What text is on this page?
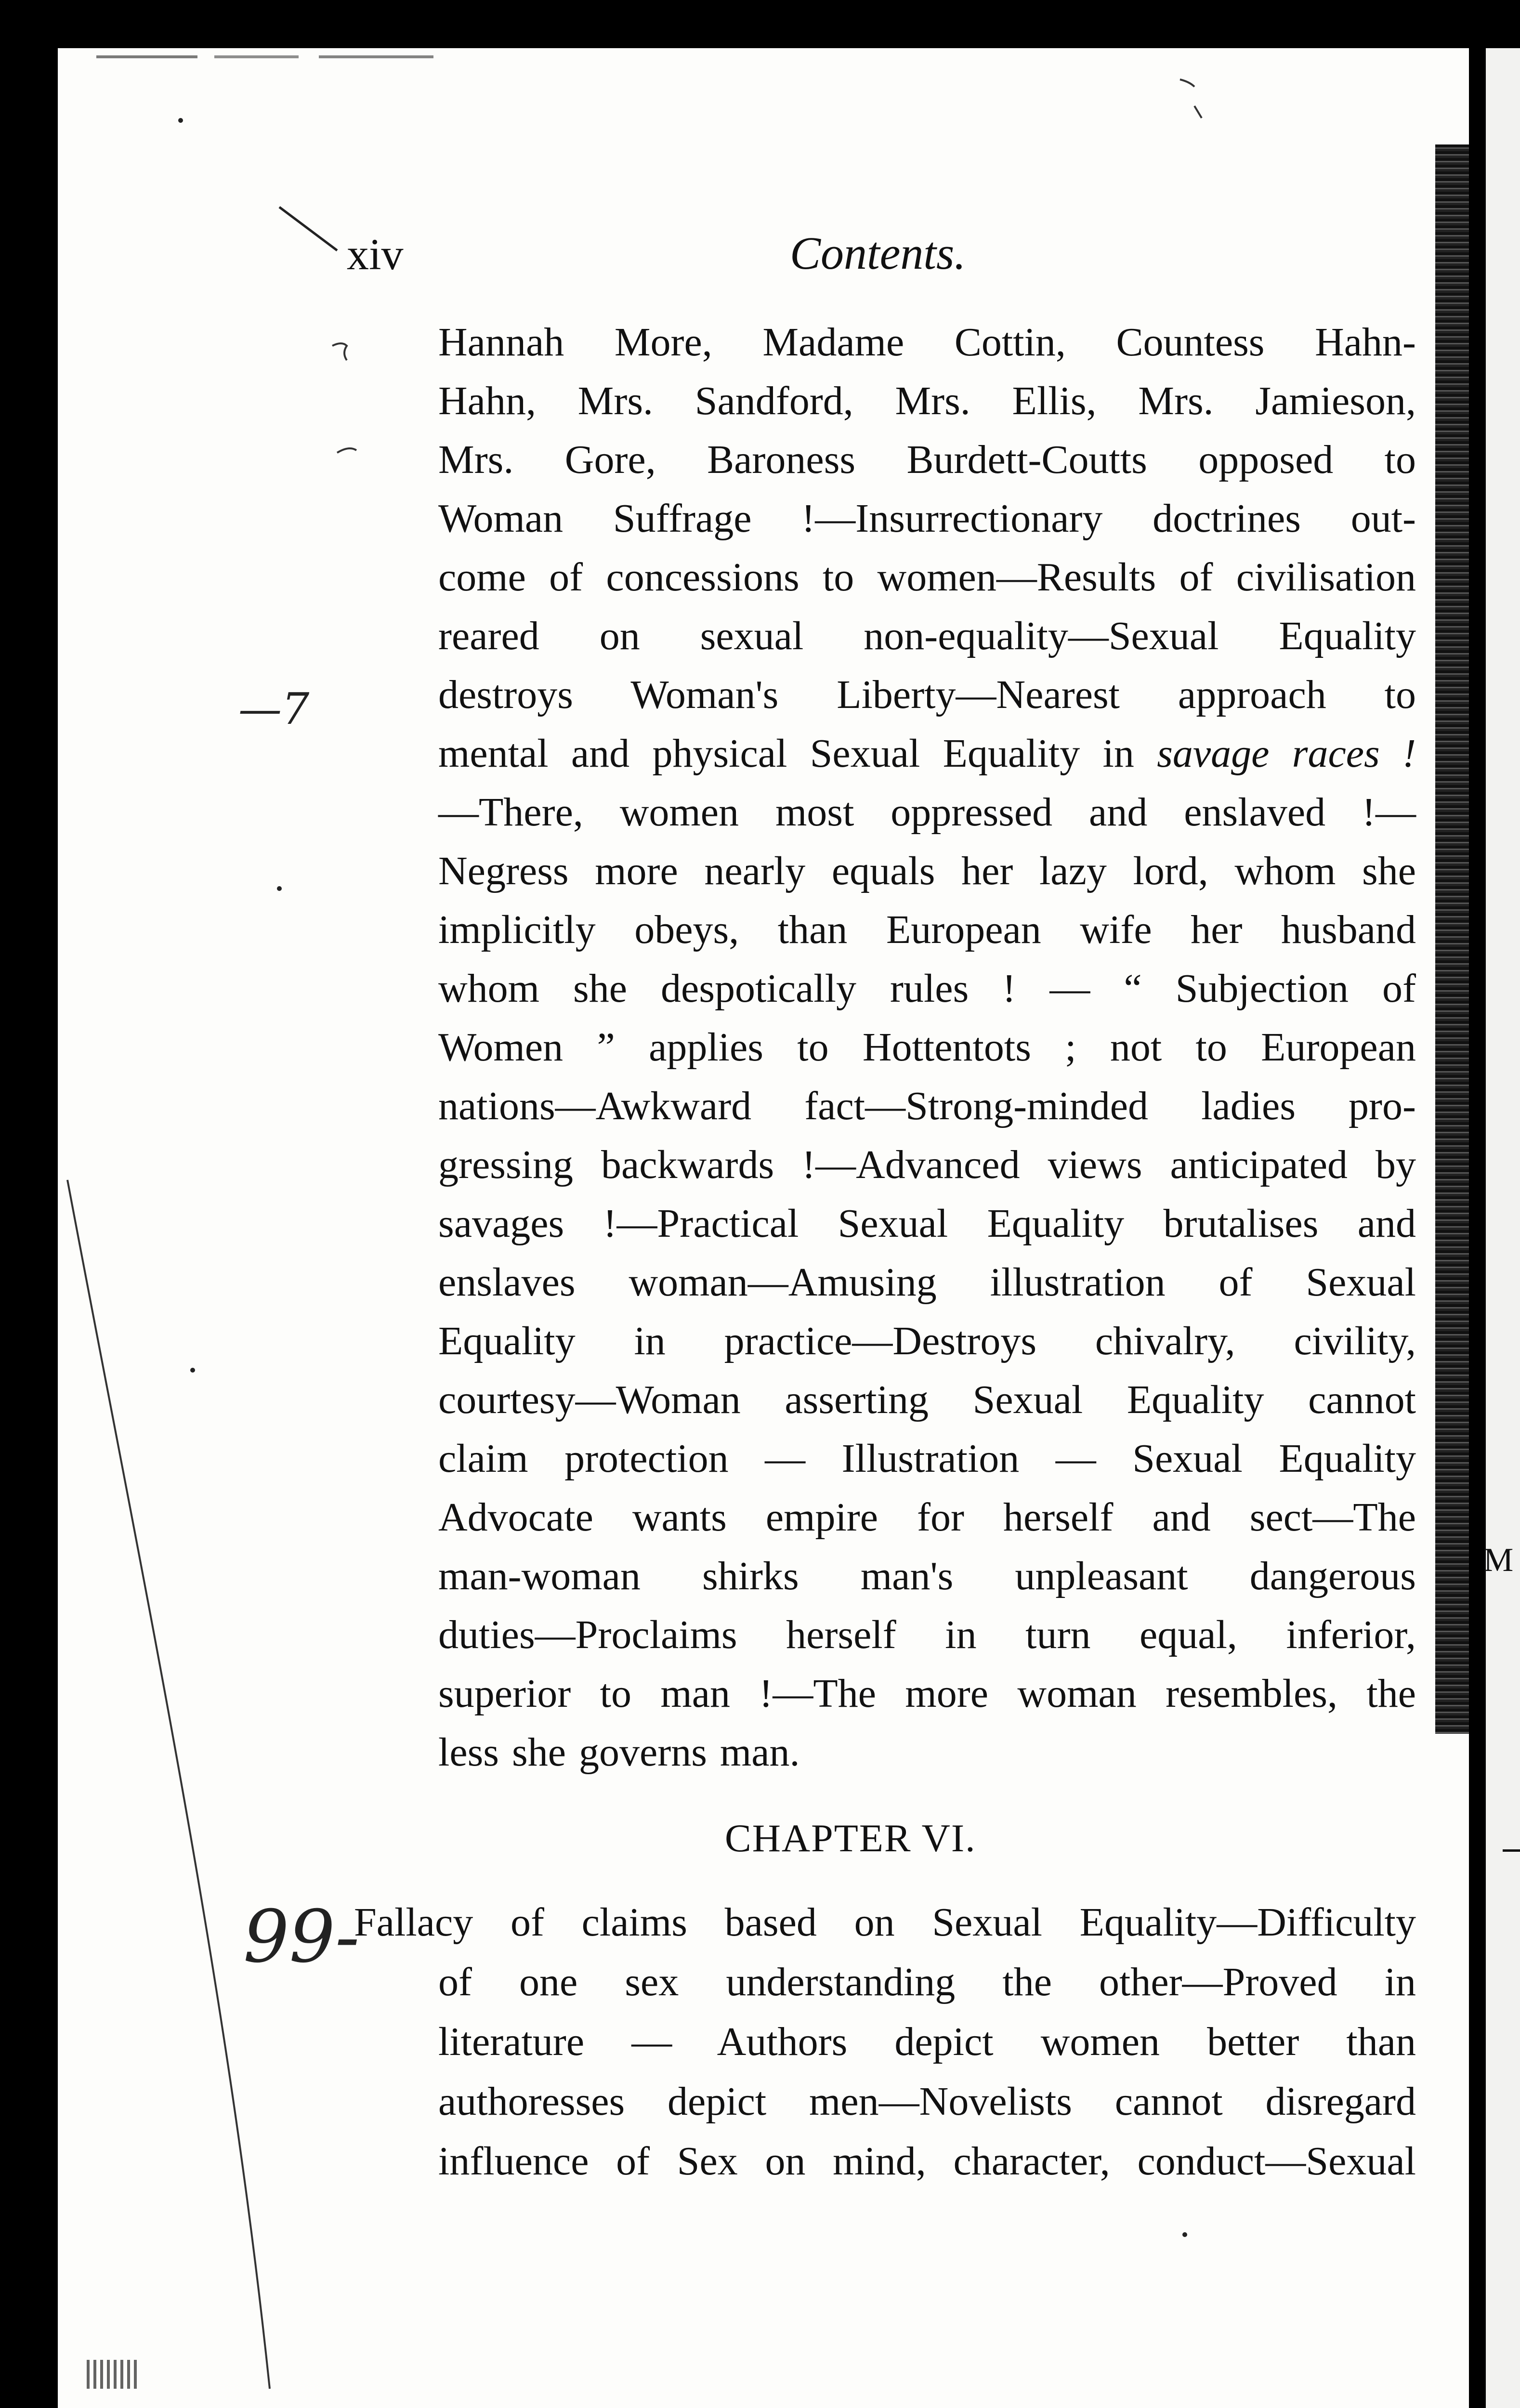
M
—7
99-
xiv	Contents.
Hannah More, Madame Cottin, Countess Hahn-
Hahn, Mrs. Sandford, Mrs. Ellis, Mrs. Jamieson,
Mrs. Gore, Baroness Burdett-Coutts opposed to
Woman Suffrage !—Insurrectionary doctrines out-
come of concessions to women—Results of civilisation
reared on sexual non-equality—Sexual Equality
destroys Woman's Liberty—Nearest approach to
mental and physical Sexual Equality in savage races !
—There, women most oppressed and enslaved !—
Negress more nearly equals her lazy lord, whom she
implicitly obeys, than European wife her husband
whom she despotically rules ! — “ Subjection of
Women ” applies to Hottentots ; not to European
nations—Awkward fact—Strong-minded ladies pro-
gressing backwards !—Advanced views anticipated by
savages !—Practical Sexual Equality brutalises and
enslaves woman—Amusing illustration of Sexual
Equality in practice—Destroys chivalry, civility,
courtesy—Woman asserting Sexual Equality cannot
claim protection — Illustration — Sexual Equality
Advocate wants empire for herself and sect—The
man-woman shirks man's unpleasant dangerous
duties—Proclaims herself in turn equal, inferior,
superior to man !—The more woman resembles, the
less she governs man.
CHAPTER VI.
Fallacy of claims based on Sexual Equality—Difficulty
of one sex understanding the other—Proved in
literature — Authors depict women better than
authoresses depict men—Novelists cannot disregard
influence of Sex on mind, character, conduct—Sexual
